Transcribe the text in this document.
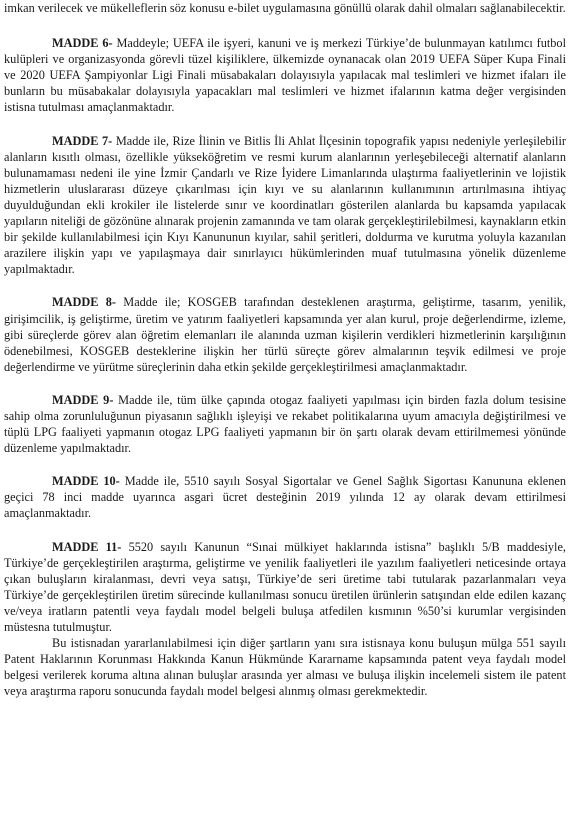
imkan verilecek ve mükelleflerin söz konusu e-bilet uygulamasına gönüllü olarak dahil olmaları sağlanabilecektir.

MADDE 6- Maddeyle; UEFA ile işyeri, kanuni ve iş merkezi Türkiye’de bulunmayan katılımcı futbol kulüpleri ve organizasyonda görevli tüzel kişiliklere, ülkemizde oynanacak olan 2019 UEFA Süper Kupa Finali ve 2020 UEFA Şampiyonlar Ligi Finali müsabakaları dolayısıyla yapılacak mal teslimleri ve hizmet ifaları ile bunların bu müsabakalar dolayısıyla yapacakları mal teslimleri ve hizmet ifalarının katma değer vergisinden istisna tutulması amaçlanmaktadır.

MADDE 7- Madde ile, Rize İlinin ve Bitlis İli Ahlat İlçesinin topografik yapısı nedeniyle yerleşilebilir alanların kısıtlı olması, özellikle yükseköğretim ve resmi kurum alanlarının yerleşebileceği alternatif alanların bulunamaması nedeni ile yine İzmir Çandarlı ve Rize İyidere Limanlarında ulaştırma faaliyetlerinin ve lojistik hizmetlerin uluslararası düzeye çıkarılması için kıyı ve su alanlarının kullanımının artırılmasına ihtiyaç duyulduğundan ekli krokiler ile listelerde sınır ve koordinatları gösterilen alanlarda bu kapsamda yapılacak yapıların niteliği de gözönüne alınarak projenin zamanında ve tam olarak gerçekleştirilebilmesi, kaynakların etkin bir şekilde kullanılabilmesi için Kıyı Kanununun kıyılar, sahil şeritleri, doldurma ve kurutma yoluyla kazanılan arazilere ilişkin yapı ve yapılaşmaya dair sınırlayıcı hükümlerinden muaf tutulmasına yönelik düzenleme yapılmaktadır.

MADDE 8- Madde ile; KOSGEB tarafından desteklenen araştırma, geliştirme, tasarım, yenilik, girişimcilik, iş geliştirme, üretim ve yatırım faaliyetleri kapsamında yer alan kurul, proje değerlendirme, izleme, gibi süreçlerde görev alan öğretim elemanları ile alanında uzman kişilerin verdikleri hizmetlerinin karşılığının ödenebilmesi, KOSGEB desteklerine ilişkin her türlü süreçte görev almalarının teşvik edilmesi ve proje değerlendirme ve yürütme süreçlerinin daha etkin şekilde gerçekleştirilmesi amaçlanmaktadır.

MADDE 9- Madde ile, tüm ülke çapında otogaz faaliyeti yapılması için birden fazla dolum tesisine sahip olma zorunluluğunun piyasanın sağlıklı işleyişi ve rekabet politikalarına uyum amacıyla değiştirilmesi ve tüplü LPG faaliyeti yapmanın otogaz LPG faaliyeti yapmanın bir ön şartı olarak devam ettirilmemesi yönünde düzenleme yapılmaktadır.

MADDE 10- Madde ile, 5510 sayılı Sosyal Sigortalar ve Genel Sağlık Sigortası Kanununa eklenen geçici 78 inci madde uyarınca asgari ücret desteğinin 2019 yılında 12 ay olarak devam ettirilmesi amaçlanmaktadır.

MADDE 11- 5520 sayılı Kanunun “Sınai mülkiyet haklarında istisna” başlıklı 5/B maddesiyle, Türkiye’de gerçekleştirilen araştırma, geliştirme ve yenilik faaliyetleri ile yazılım faaliyetleri neticesinde ortaya çıkan buluşların kiralanması, devri veya satışı, Türkiye’de seri üretime tabi tutularak pazarlanmaları veya Türkiye’de gerçekleştirilen üretim sürecinde kullanılması sonucu üretilen ürünlerin satışından elde edilen kazanç ve/veya iratların patentli veya faydalı model belgeli buluşa atfedilen kısmının %50’si kurumlar vergisinden müstesna tutulmuştur.

Bu istisnadan yararlanılabilmesi için diğer şartların yanı sıra istisnaya konu buluşun mülga 551 sayılı Patent Haklarının Korunması Hakkında Kanun Hükmünde Kararname kapsamında patent veya faydalı model belgesi verilerek koruma altına alınan buluşlar arasında yer alması ve buluşa ilişkin incelemeli sistem ile patent veya araştırma raporu sonucunda faydalı model belgesi alınmış olması gerekmektedir.
